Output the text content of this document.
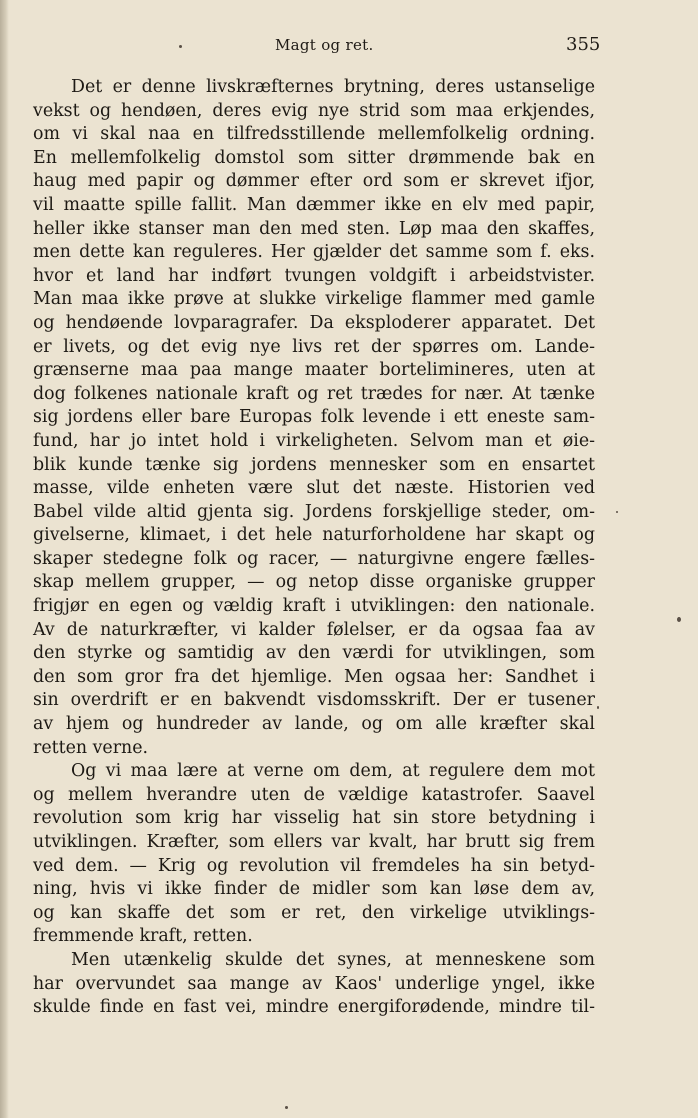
Magt og ret.	355
Det er denne livskræfternes brytning, deres ustanselige
vekst og hendøen, deres evig nye strid som maa erkjendes,
om vi skal naa en tilfredsstillende mellemfolkelig ordning.
En mellemfolkelig domstol som sitter drømmende bak en
haug med papir og dømmer efter ord som er skrevet ifjor,
vil maatte spille fallit. Man dæmmer ikke en elv med papir,
heller ikke stanser man den med sten. Løp maa den skaffes,
men dette kan reguleres. Her gjælder det samme som f. eks.
hvor et land har indført tvungen voldgift i arbeidstvister.
Man maa ikke prøve at slukke virkelige flammer med gamle
og hendøende lovparagrafer. Da eksploderer apparatet. Det
er livets, og det evig nye livs ret der spørres om. Lande-
grænserne maa paa mange maater bortelimineres, uten at
dog folkenes nationale kraft og ret trædes for nær. At tænke
sig jordens eller bare Europas folk levende i ett eneste sam-
fund, har jo intet hold i virkeligheten. Selvom man et øie-
blik kunde tænke sig jordens mennesker som en ensartet
masse, vilde enheten være slut det næste. Historien ved
Babel vilde altid gjenta sig. Jordens forskjellige steder, om-
givelserne, klimaet, i det hele naturforholdene har skapt og
skaper stedegne folk og racer, — naturgivne engere fælles-
skap mellem grupper, — og netop disse organiske grupper
frigjør en egen og vældig kraft i utviklingen: den nationale.
Av de naturkræfter, vi kalder følelser, er da ogsaa faa av
den styrke og samtidig av den værdi for utviklingen, som
den som gror fra det hjemlige. Men ogsaa her: Sandhet i
sin overdrift er en bakvendt visdomsskrift. Der er tusener
av hjem og hundreder av lande, og om alle kræfter skal
retten verne.
Og vi maa lære at verne om dem, at regulere dem mot
og mellem hverandre uten de vældige katastrofer. Saavel
revolution som krig har visselig hat sin store betydning i
utviklingen. Kræfter, som ellers var kvalt, har brutt sig frem
ved dem. — Krig og revolution vil fremdeles ha sin betyd-
ning, hvis vi ikke finder de midler som kan løse dem av,
og kan skaffe det som er ret, den virkelige utviklings-
fremmende kraft, retten.
Men utænkelig skulde det synes, at menneskene som
har overvundet saa mange av Kaos' underlige yngel, ikke
skulde finde en fast vei, mindre energiforødende, mindre til-
